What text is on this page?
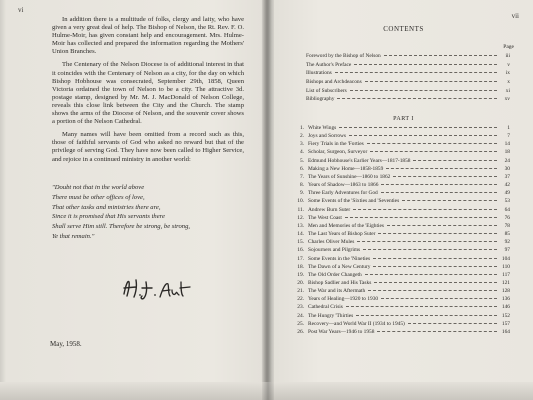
vi

In addition there is a multitude of folks, clergy and laity, who have given a very great deal of help. The Bishop of Nelson, the Rt. Rev. F. O. Hulme-Moir, has given constant help and encouragement. Mrs. Hulme-Moir has collected and prepared the information regarding the Mothers' Union Branches.

The Centenary of the Nelson Diocese is of additional interest in that it coincides with the Centenary of Nelson as a city, for the day on which Bishop Hobhouse was consecrated, September 29th, 1858, Queen Victoria ordained the town of Nelson to be a city. The attractive 3d. postage stamp, designed by Mr. M. J. MacDonald of Nelson College, reveals this close link between the City and the Church. The stamp shows the arms of the Diocese of Nelson, and the souvenir cover shows a portion of the Nelson Cathedral.

Many names will have been omitted from a record such as this, those of faithful servants of God who asked no reward but that of the privilege of serving God. They have now been called to Higher Service, and rejoice in a continued ministry in another world:

"Doubt not that in the world above
There must be other offices of love,
That other tasks and ministries there are,
Since it is promised that His servants there
Shall serve Him still. Therefore be strong, be strong,
Ye that remain."
May, 1958.
vii
CONTENTS
Page
Foreword by the Bishop of Nelson	iii
The Author's Preface	v
Illustrations	ix
Bishops and Archdeacons	x
List of Subscribers	xi
Bibliography	xv
PART I
1. White Wings	1
2. Joys and Sorrows	7
3. Fiery Trials in the 'Forties	14
4. Scholar, Surgeon, Surveyor	18
5. Edmund Hobhouse's Earlier Years—1817-1858	24
6. Making a New Home—1858-1859	30
7. The Years of Sunshine—1860 to 1862	37
8. Years of Shadow—1863 to 1866	42
9. Three Early Adventures for God	49
10. Some Events of the 'Sixties and 'Seventies	53
11. Andrew Burn Suter	64
12. The West Coast	76
13. Men and Memories of the 'Eighties	78
14. The Last Years of Bishop Suter	85
15. Charles Oliver Mules	92
16. Sojourners and Pilgrims	97
17. Some Events in the 'Nineties	104
18. The Dawn of a New Century	110
19. The Old Order Changeth	117
20. Bishop Sadlier and His Tasks	121
21. The War and its Aftermath	128
22. Years of Healing—1920 to 1930	136
23. Cathedral Crisis	146
24. The Hungry 'Thirties	152
25. Recovery—and World War II (1934 to 1945)	157
26. Post War Years—1946 to 1958	164
